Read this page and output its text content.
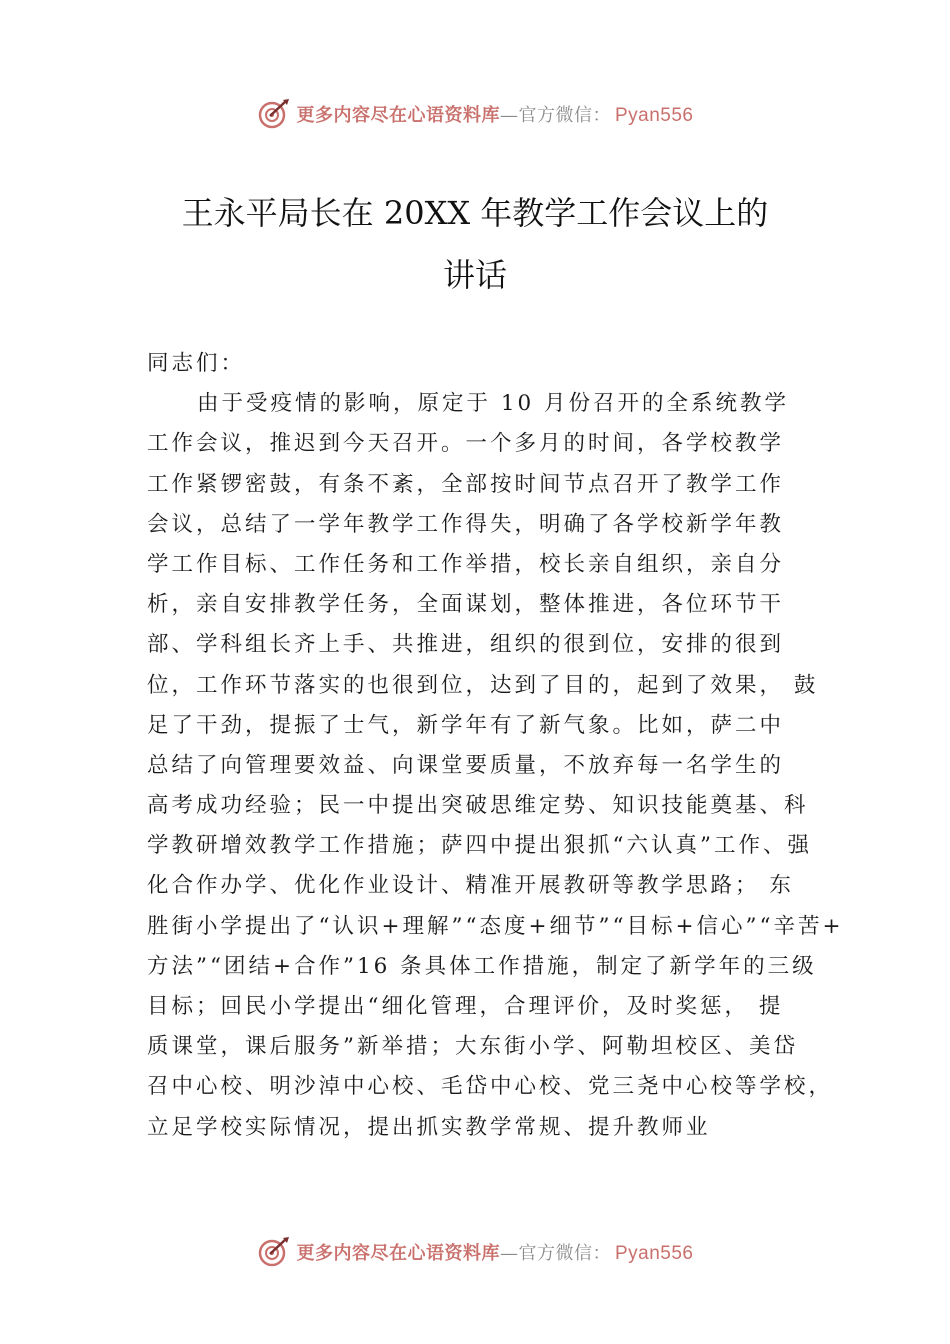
更多内容尽在心语资料库—官方微信： Pyan556
王永平局长在 20XX 年教学工作会议上的
讲话
同志们：
由于受疫情的影响，原定于 10 月份召开的全系统教学
工作会议，推迟到今天召开。一个多月的时间，各学校教学
工作紧锣密鼓，有条不紊，全部按时间节点召开了教学工作
会议，总结了一学年教学工作得失，明确了各学校新学年教
学工作目标、工作任务和工作举措，校长亲自组织，亲自分
析，亲自安排教学任务，全面谋划，整体推进，各位环节干
部、学科组长齐上手、共推进，组织的很到位，安排的很到
位，工作环节落实的也很到位，达到了目的，起到了效果， 鼓
足了干劲，提振了士气，新学年有了新气象。比如，萨二中
总结了向管理要效益、向课堂要质量，不放弃每一名学生的
高考成功经验；民一中提出突破思维定势、知识技能奠基、科
学教研增效教学工作措施；萨四中提出狠抓“六认真”工作、强
化合作办学、优化作业设计、精准开展教研等教学思路； 东
胜街小学提出了“认识+理解”“态度+细节”“目标+信心”“辛苦+
方法”“团结+合作”16 条具体工作措施，制定了新学年的三级
目标；回民小学提出“细化管理，合理评价，及时奖惩， 提
质课堂，课后服务”新举措；大东街小学、阿勒坦校区、美岱
召中心校、明沙淖中心校、毛岱中心校、党三尧中心校等学校，
立足学校实际情况，提出抓实教学常规、提升教师业
更多内容尽在心语资料库—官方微信： Pyan556
